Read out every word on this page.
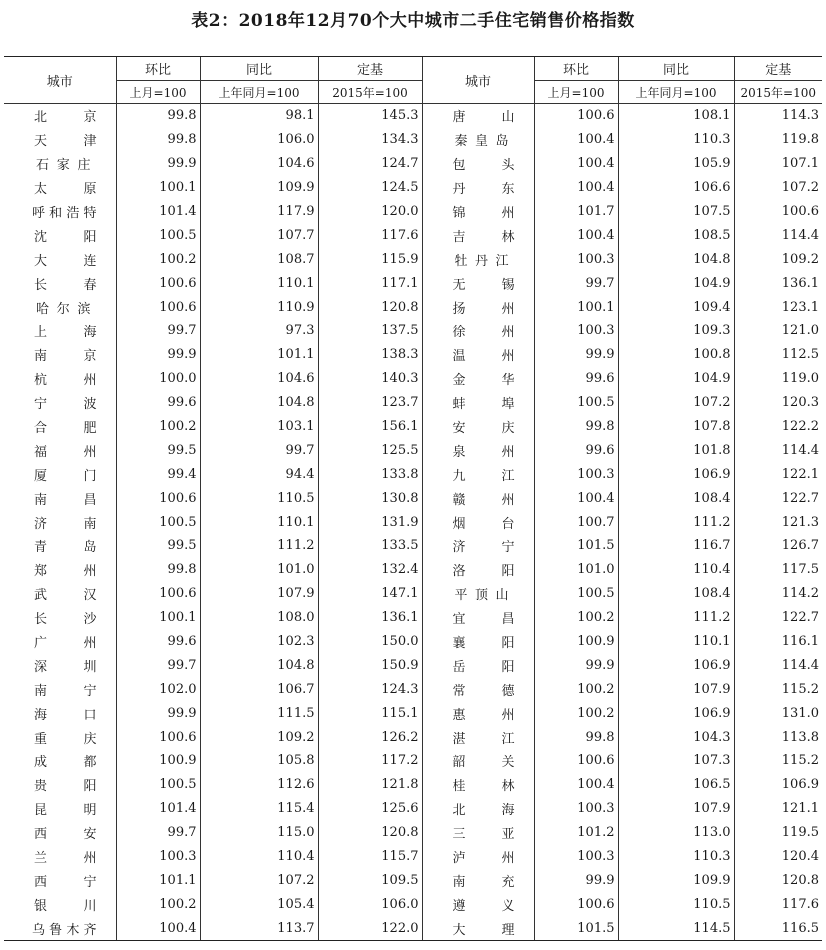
表2：2018年12月70个大中城市二手住宅销售价格指数
城市	环比	同比	定基	城市	环比	同比	定基
	上月=100	上年同月=100	2015年=100		上月=100	上年同月=100	2015年=100
北京	99.8	98.1	145.3	唐山	100.6	108.1	114.3
天津	99.8	106.0	134.3	秦皇岛	100.4	110.3	119.8
石家庄	99.9	104.6	124.7	包头	100.4	105.9	107.1
太原	100.1	109.9	124.5	丹东	100.4	106.6	107.2
呼和浩特	101.4	117.9	120.0	锦州	101.7	107.5	100.6
沈阳	100.5	107.7	117.6	吉林	100.4	108.5	114.4
大连	100.2	108.7	115.9	牡丹江	100.3	104.8	109.2
长春	100.6	110.1	117.1	无锡	99.7	104.9	136.1
哈尔滨	100.6	110.9	120.8	扬州	100.1	109.4	123.1
上海	99.7	97.3	137.5	徐州	100.3	109.3	121.0
南京	99.9	101.1	138.3	温州	99.9	100.8	112.5
杭州	100.0	104.6	140.3	金华	99.6	104.9	119.0
宁波	99.6	104.8	123.7	蚌埠	100.5	107.2	120.3
合肥	100.2	103.1	156.1	安庆	99.8	107.8	122.2
福州	99.5	99.7	125.5	泉州	99.6	101.8	114.4
厦门	99.4	94.4	133.8	九江	100.3	106.9	122.1
南昌	100.6	110.5	130.8	赣州	100.4	108.4	122.7
济南	100.5	110.1	131.9	烟台	100.7	111.2	121.3
青岛	99.5	111.2	133.5	济宁	101.5	116.7	126.7
郑州	99.8	101.0	132.4	洛阳	101.0	110.4	117.5
武汉	100.6	107.9	147.1	平顶山	100.5	108.4	114.2
长沙	100.1	108.0	136.1	宜昌	100.2	111.2	122.7
广州	99.6	102.3	150.0	襄阳	100.9	110.1	116.1
深圳	99.7	104.8	150.9	岳阳	99.9	106.9	114.4
南宁	102.0	106.7	124.3	常德	100.2	107.9	115.2
海口	99.9	111.5	115.1	惠州	100.2	106.9	131.0
重庆	100.6	109.2	126.2	湛江	99.8	104.3	113.8
成都	100.9	105.8	117.2	韶关	100.6	107.3	115.2
贵阳	100.5	112.6	121.8	桂林	100.4	106.5	106.9
昆明	101.4	115.4	125.6	北海	100.3	107.9	121.1
西安	99.7	115.0	120.8	三亚	101.2	113.0	119.5
兰州	100.3	110.4	115.7	泸州	100.3	110.3	120.4
西宁	101.1	107.2	109.5	南充	99.9	109.9	120.8
银川	100.2	105.4	106.0	遵义	100.6	110.5	117.6
乌鲁木齐	100.4	113.7	122.0	大理	101.5	114.5	116.5
